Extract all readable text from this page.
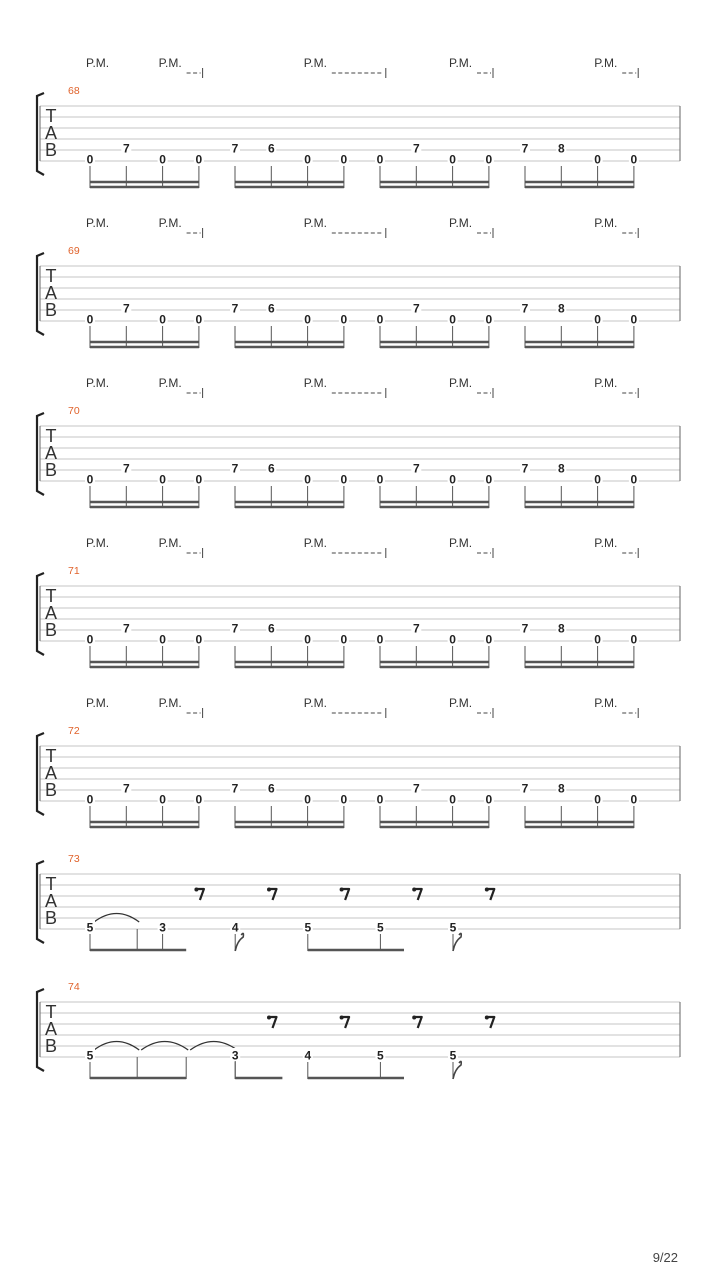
P.M.	P.M.	P.M.	P.M.	P.M.
T
A
B
68
0
7
0 0
7 6
0 0 0
7
0 0
7 8
0 0
P.M.	P.M.	P.M.	P.M.	P.M.
T
A
B
69
0
7
0 0
7 6
0 0 0
7
0 0
7 8
0 0
P.M.	P.M.	P.M.	P.M.	P.M.
T
A
B
70
0
7
0 0
7 6
0 0 0
7
0 0
7 8
0 0
P.M.	P.M.	P.M.	P.M.	P.M.
T
A
B
71
0
7
0 0
7 6
0 0 0
7
0 0
7 8
0 0
P.M.	P.M.	P.M.	P.M.	P.M.
T
A
B
72
0
7
0 0
7 6
0 0 0
7
0 0
7 8
0 0
T
A
B
73
5	3	4	5	5	5
T
A
B
74
5	3	4	5	5
9/22
